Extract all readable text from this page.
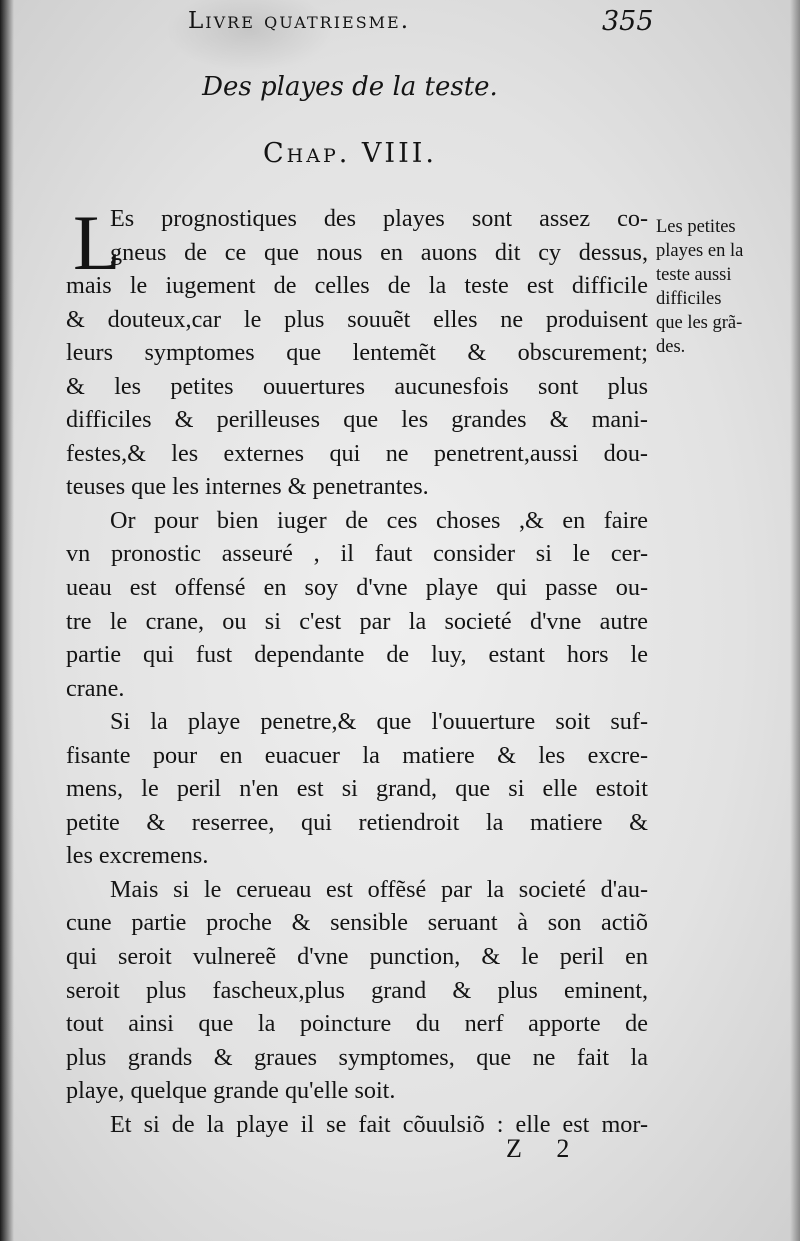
Livre quatriesme.	355
Des playes de la teste.
Chap. VIII.
L
Es prognostiques des playes sont assez co-
gneus de ce que nous en auons dit cy dessus,
mais le iugement de celles de la teste est difficile
& douteux,car le plus souuẽt elles ne produisent
leurs symptomes que lentemẽt & obscurement;
& les petites ouuertures aucunesfois sont plus
difficiles & perilleuses que les grandes & mani-
festes,& les externes qui ne penetrent,aussi dou-
teuses que les internes & penetrantes.
Or pour bien iuger de ces choses ,& en faire
vn pronostic asseuré , il faut consider si le cer-
ueau est offensé en soy d'vne playe qui passe ou-
tre le crane, ou si c'est par la societé d'vne autre
partie qui fust dependante de luy, estant hors le
crane.
Si la playe penetre,& que l'ouuerture soit suf-
fisante pour en euacuer la matiere & les excre-
mens, le peril n'en est si grand, que si elle estoit
petite & reserree, qui retiendroit la matiere &
les excremens.
Mais si le cerueau est offẽsé par la societé d'au-
cune partie proche & sensible seruant à son actiõ
qui seroit vulnereẽ d'vne punction, & le peril en
seroit plus fascheux,plus grand & plus eminent,
tout ainsi que la poincture du nerf apporte de
plus grands & graues symptomes, que ne fait la
playe, quelque grande qu'elle soit.
Et si de la playe il se fait cõuulsiõ : elle est mor-
Les petites
playes en la
teste aussi
difficiles
que les grã-
des.
Z 2
